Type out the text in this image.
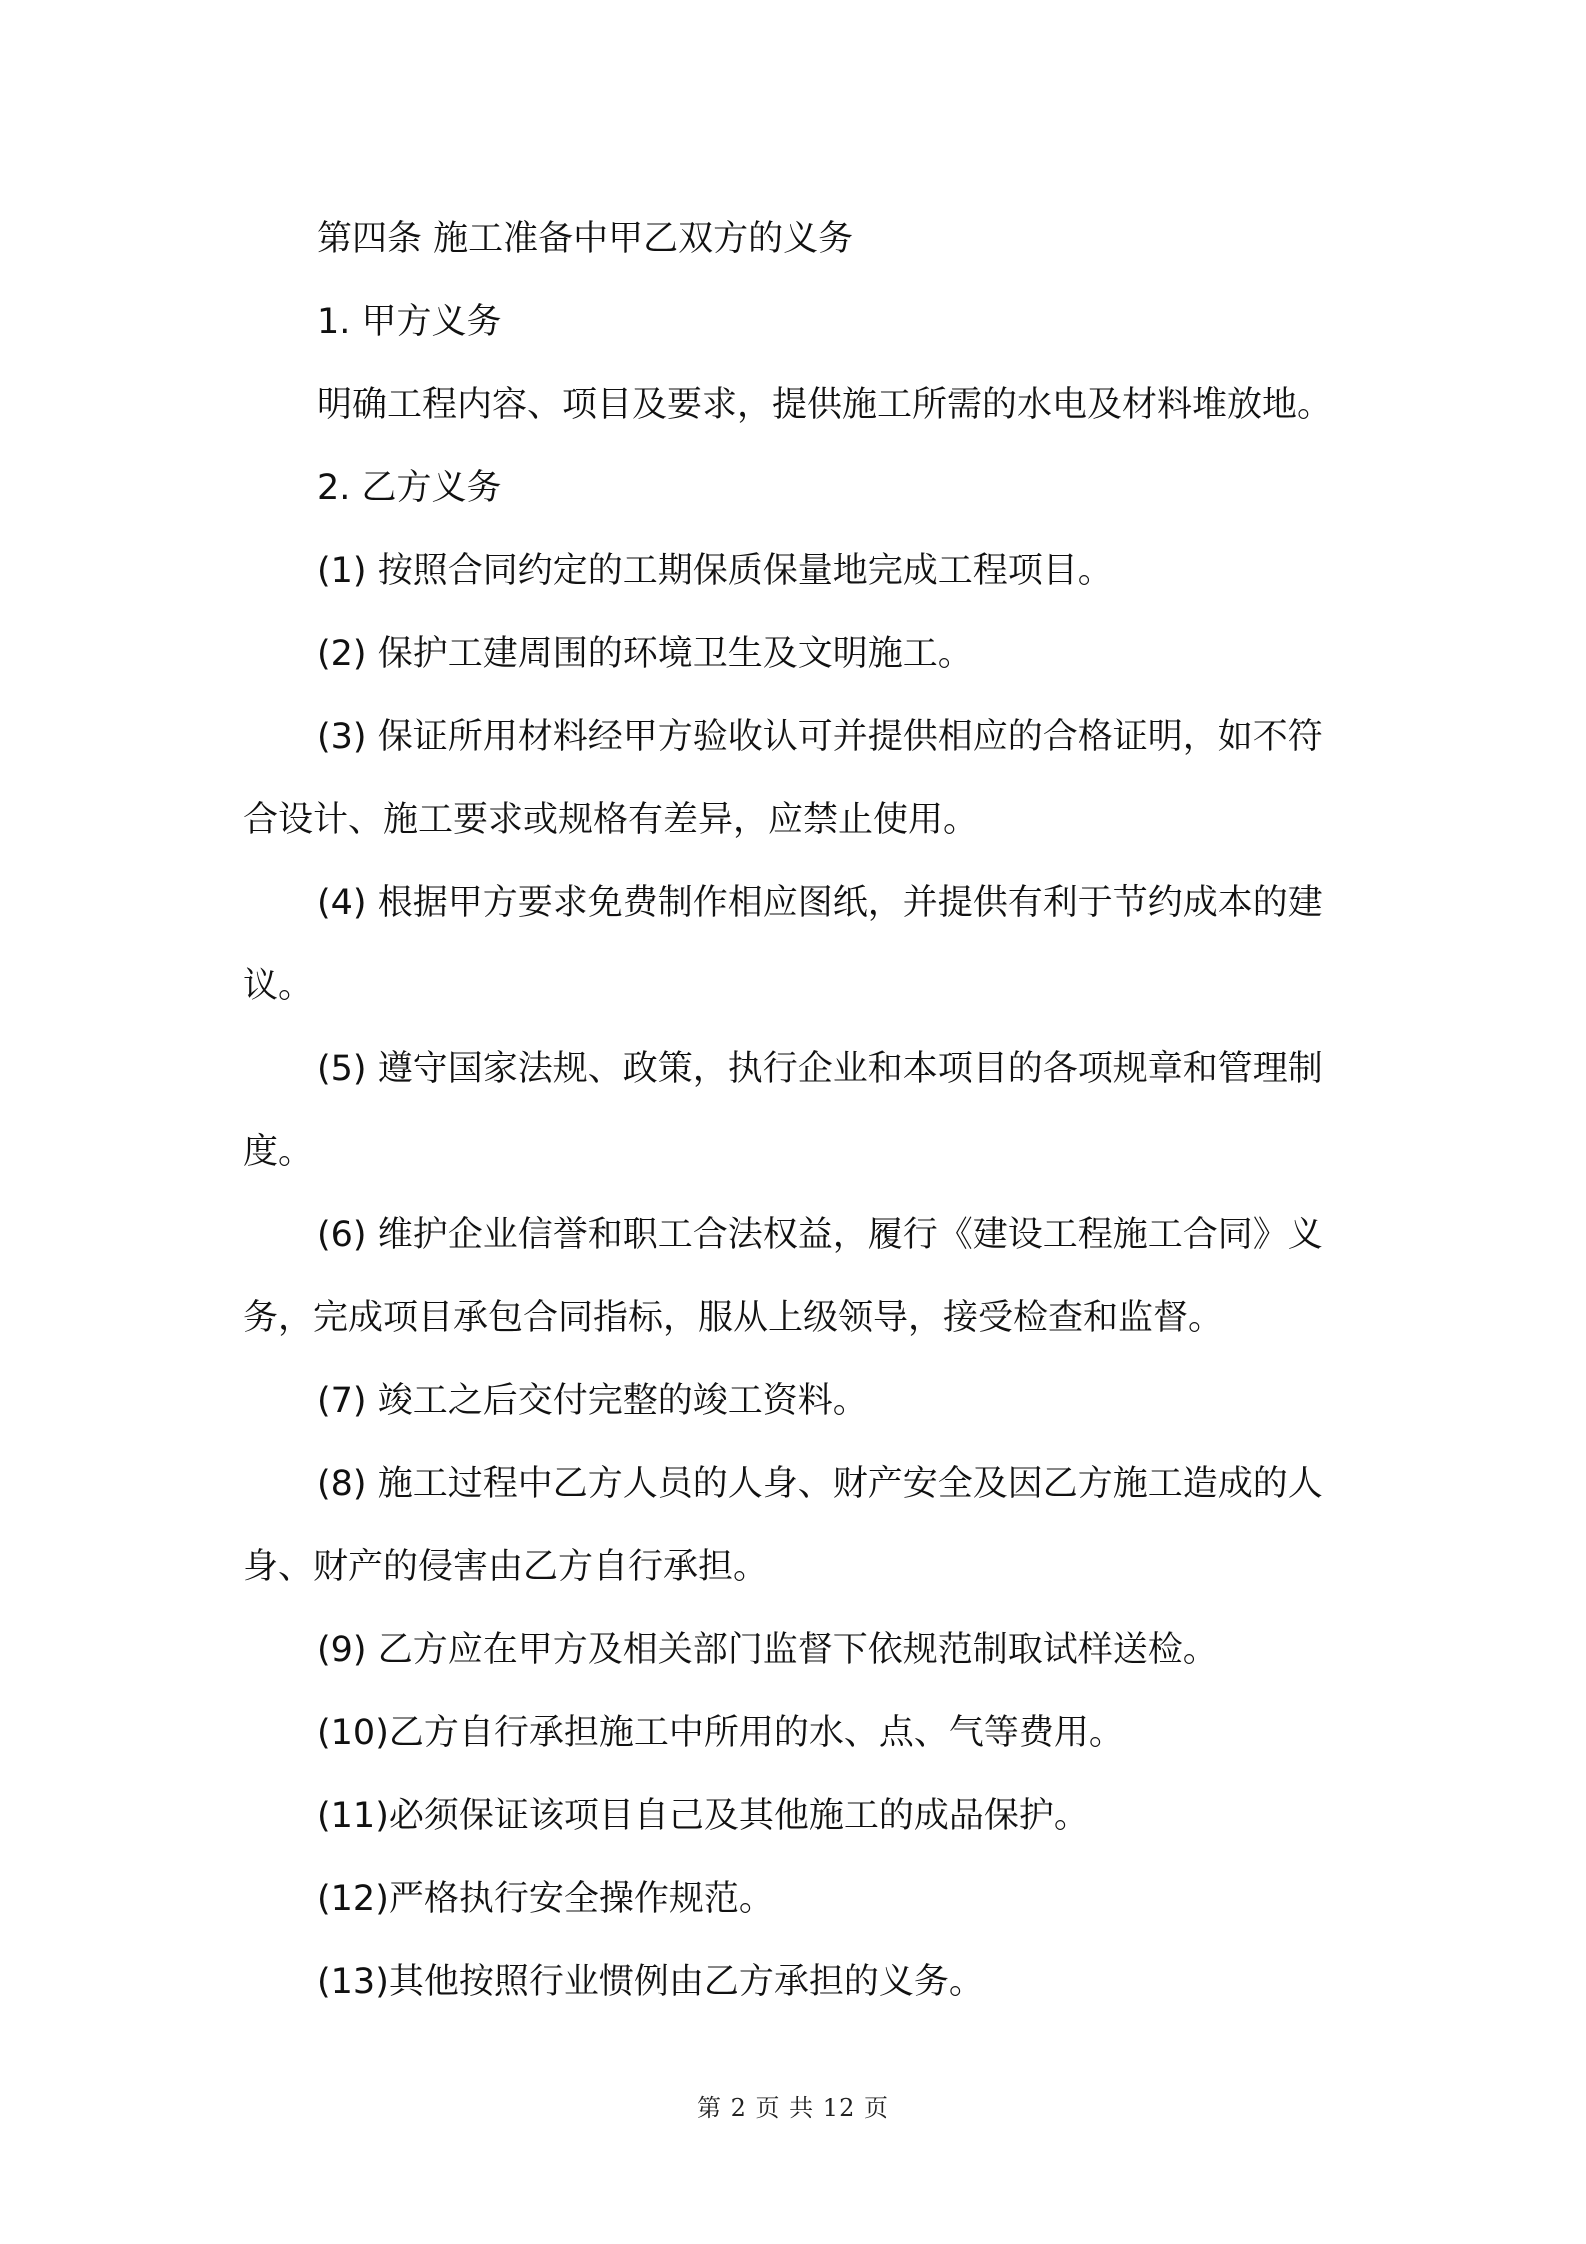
第四条 施工准备中甲乙双方的义务

1. 甲方义务

明确工程内容、项目及要求，提供施工所需的水电及材料堆放地。

2. 乙方义务

(1) 按照合同约定的工期保质保量地完成工程项目。

(2) 保护工建周围的环境卫生及文明施工。

(3) 保证所用材料经甲方验收认可并提供相应的合格证明，如不符合设计、施工要求或规格有差异，应禁止使用。

(4) 根据甲方要求免费制作相应图纸，并提供有利于节约成本的建议。

(5) 遵守国家法规、政策，执行企业和本项目的各项规章和管理制度。

(6) 维护企业信誉和职工合法权益，履行《建设工程施工合同》义务，完成项目承包合同指标，服从上级领导，接受检查和监督。

(7) 竣工之后交付完整的竣工资料。

(8) 施工过程中乙方人员的人身、财产安全及因乙方施工造成的人身、财产的侵害由乙方自行承担。

(9) 乙方应在甲方及相关部门监督下依规范制取试样送检。

(10)乙方自行承担施工中所用的水、点、气等费用。

(11)必须保证该项目自己及其他施工的成品保护。

(12)严格执行安全操作规范。

(13)其他按照行业惯例由乙方承担的义务。

第 2 页 共 12 页
